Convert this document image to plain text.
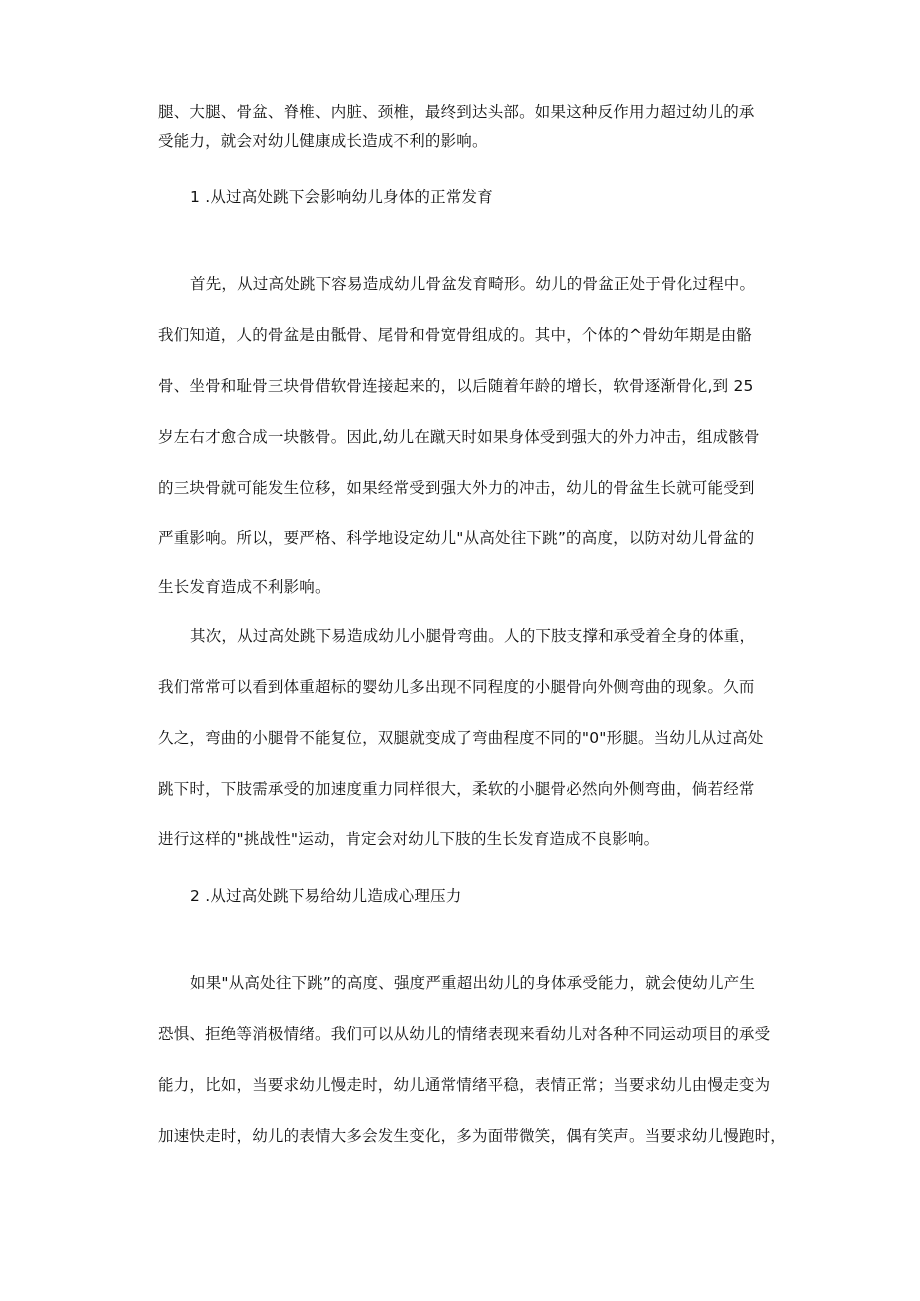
腿、大腿、骨盆、脊椎、内脏、颈椎，最终到达头部。如果这种反作用力超过幼儿的承
受能力，就会对幼儿健康成长造成不利的影响。
1 .从过高处跳下会影响幼儿身体的正常发育
首先，从过高处跳下容易造成幼儿骨盆发育畸形。幼儿的骨盆正处于骨化过程中。
我们知道，人的骨盆是由骶骨、尾骨和骨宽骨组成的。其中，个体的^骨幼年期是由骼
骨、坐骨和耻骨三块骨借软骨连接起来的，以后随着年龄的增长，软骨逐渐骨化,到 25
岁左右才愈合成一块骸骨。因此,幼儿在蹴天时如果身体受到强大的外力冲击，组成骸骨
的三块骨就可能发生位移，如果经常受到强大外力的冲击，幼儿的骨盆生长就可能受到
严重影响。所以，要严格、科学地设定幼儿"从高处往下跳”的高度，以防对幼儿骨盆的
生长发育造成不利影响。
其次，从过高处跳下易造成幼儿小腿骨弯曲。人的下肢支撑和承受着全身的体重，
我们常常可以看到体重超标的婴幼儿多出现不同程度的小腿骨向外侧弯曲的现象。久而
久之，弯曲的小腿骨不能复位，双腿就变成了弯曲程度不同的"0"形腿。当幼儿从过高处
跳下时，下肢需承受的加速度重力同样很大，柔软的小腿骨必然向外侧弯曲，倘若经常
进行这样的"挑战性"运动，肯定会对幼儿下肢的生长发育造成不良影响。
2 .从过高处跳下易给幼儿造成心理压力
如果"从高处往下跳”的高度、强度严重超出幼儿的身体承受能力，就会使幼儿产生
恐惧、拒绝等消极情绪。我们可以从幼儿的情绪表现来看幼儿对各种不同运动项目的承受
能力，比如，当要求幼儿慢走时，幼儿通常情绪平稳，表情正常；当要求幼儿由慢走变为
加速快走时，幼儿的表情大多会发生变化，多为面带微笑，偶有笑声。当要求幼儿慢跑时，
